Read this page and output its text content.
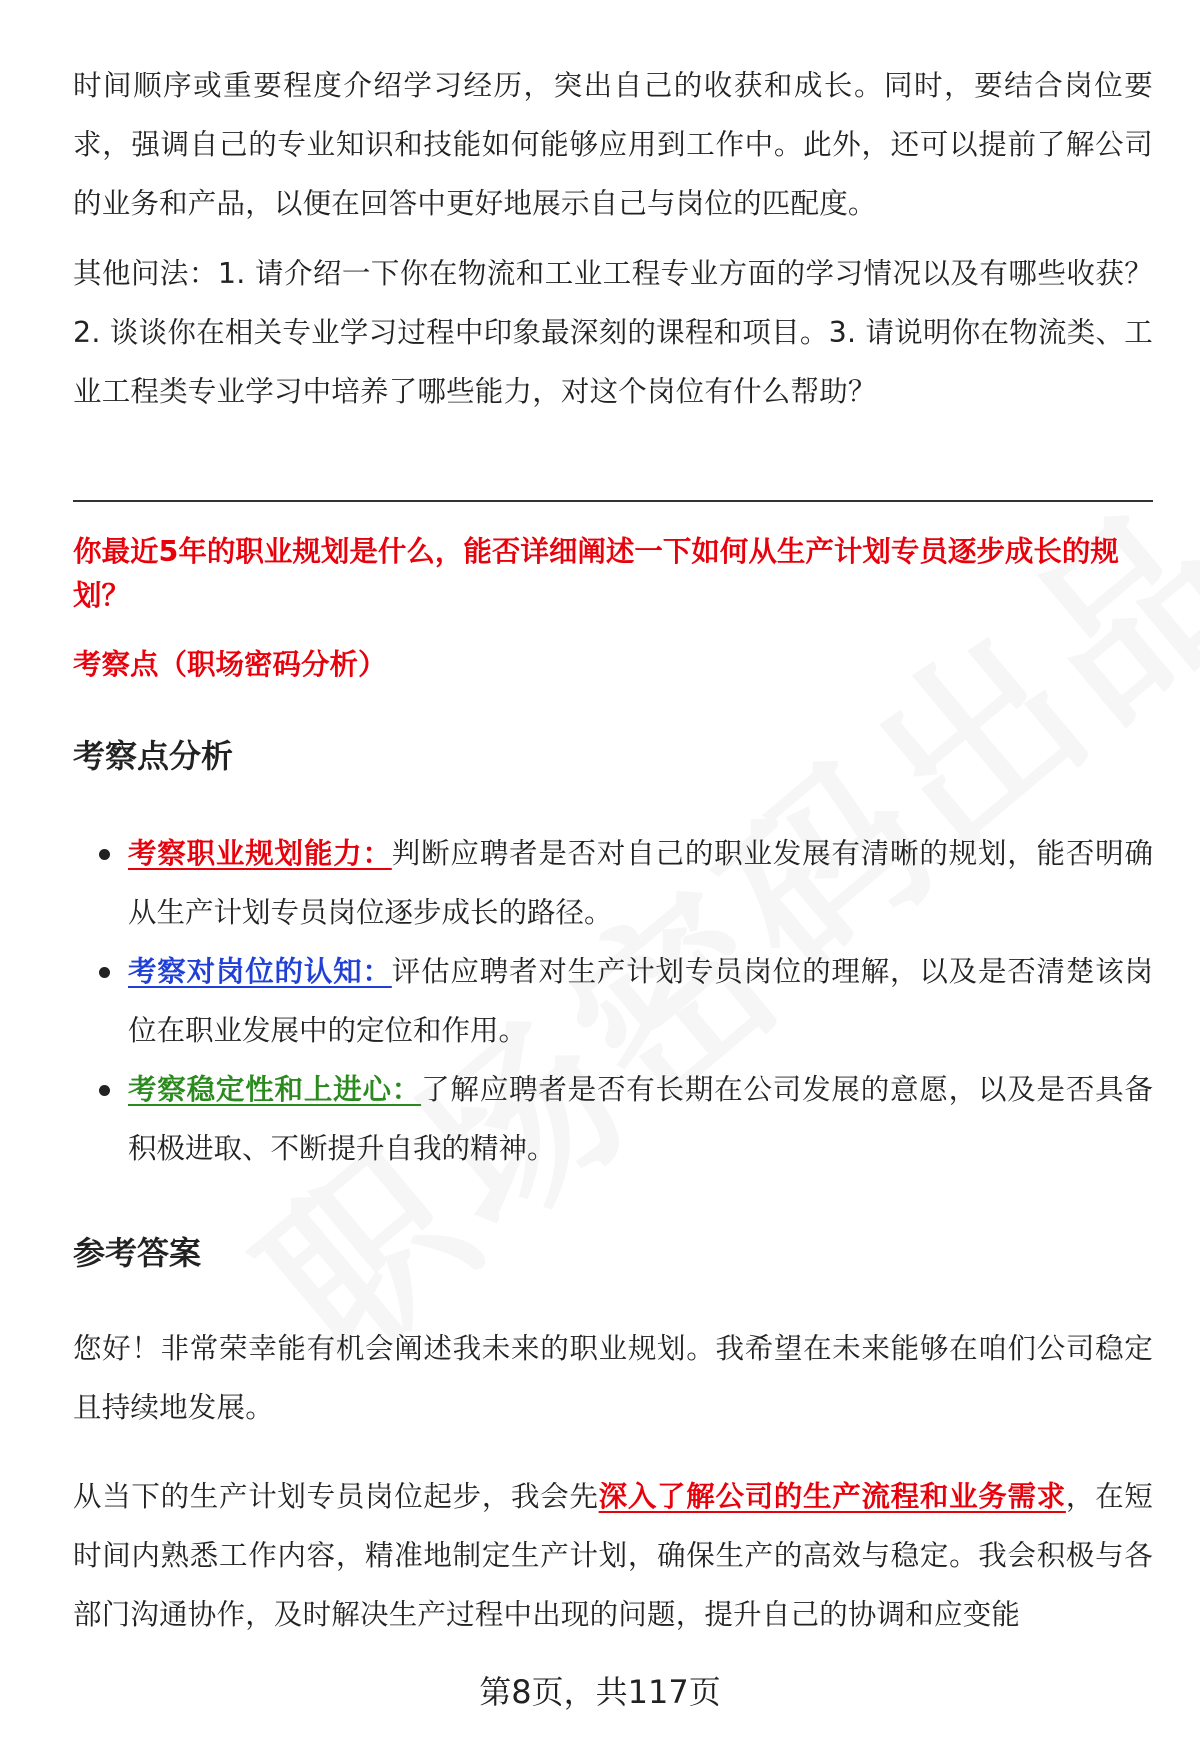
时间顺序或重要程度介绍学习经历，突出自己的收获和成长。同时，要结合岗位要求，强调自己的专业知识和技能如何能够应用到工作中。此外，还可以提前了解公司的业务和产品，以便在回答中更好地展示自己与岗位的匹配度。

其他问法：1. 请介绍一下你在物流和工业工程专业方面的学习情况以及有哪些收获？2. 谈谈你在相关专业学习过程中印象最深刻的课程和项目。3. 请说明你在物流类、工业工程类专业学习中培养了哪些能力，对这个岗位有什么帮助？

你最近5年的职业规划是什么，能否详细阐述一下如何从生产计划专员逐步成长的规划？

考察点（职场密码分析）

考察点分析
考察职业规划能力：判断应聘者是否对自己的职业发展有清晰的规划，能否明确从生产计划专员岗位逐步成长的路径。
考察对岗位的认知：评估应聘者对生产计划专员岗位的理解，以及是否清楚该岗位在职业发展中的定位和作用。
考察稳定性和上进心：了解应聘者是否有长期在公司发展的意愿，以及是否具备积极进取、不断提升自我的精神。
参考答案

您好！非常荣幸能有机会阐述我未来的职业规划。我希望在未来能够在咱们公司稳定且持续地发展。

从当下的生产计划专员岗位起步，我会先深入了解公司的生产流程和业务需求，在短时间内熟悉工作内容，精准地制定生产计划，确保生产的高效与稳定。我会积极与各部门沟通协作，及时解决生产过程中出现的问题，提升自己的协调和应变能

第8页，共117页
